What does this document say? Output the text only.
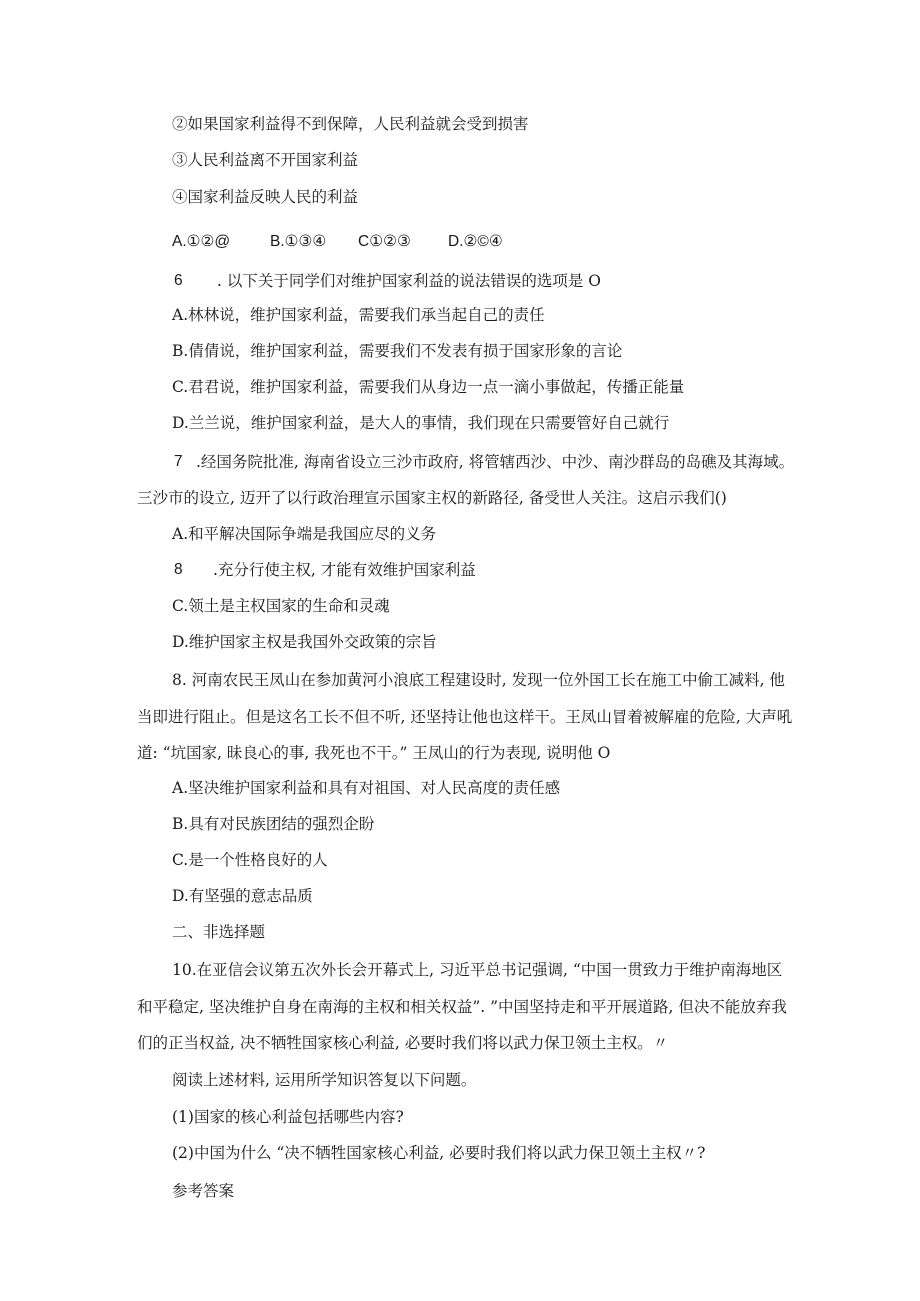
②如果国家利益得不到保障，人民利益就会受到损害

③人民利益离不开国家利益

④国家利益反映人民的利益

A.①②@	B.①③④ C①②③ D.②©④
6 . 以下关于同学们对维护国家利益的说法错误的选项是 O

A.林林说，维护国家利益，需要我们承当起自己的责任

B.倩倩说，维护国家利益，需要我们不发表有损于国家形象的言论

C.君君说，维护国家利益，需要我们从身边一点一滴小事做起，传播正能量

D.兰兰说，维护国家利益，是大人的事情，我们现在只需要管好自己就行

7 .经国务院批准, 海南省设立三沙市政府, 将管辖西沙、中沙、南沙群岛的岛礁及其海域。

三沙市的设立, 迈开了以行政治理宣示国家主权的新路径, 备受世人关注。这启示我们()

A.和平解决国际争端是我国应尽的义务

8 .充分行使主权, 才能有效维护国家利益

C.领土是主权国家的生命和灵魂

D.维护国家主权是我国外交政策的宗旨

8. 河南农民王凤山在参加黄河小浪底工程建设时, 发现一位外国工长在施工中偷工减料, 他

当即进行阻止。但是这名工长不但不听, 还坚持让他也这样干。王凤山冒着被解雇的危险, 大声吼

道: “坑国家, 昧良心的事, 我死也不干。” 王凤山的行为表现, 说明他 O

A.坚决维护国家利益和具有对祖国、对人民高度的责任感

B.具有对民族团结的强烈企盼

C.是一个性格良好的人

D.有坚强的意志品质

二、非选择题

10.在亚信会议第五次外长会开幕式上, 习近平总书记强调, “中国一贯致力于维护南海地区

和平稳定, 坚决维护自身在南海的主权和相关权益”. ”中国坚持走和平开展道路, 但决不能放弃我

们的正当权益, 决不牺牲国家核心利益, 必要时我们将以武力保卫领土主权。〃

阅读上述材料, 运用所学知识答复以下问题。

(1)国家的核心利益包括哪些内容?

(2)中国为什么 “决不牺牲国家核心利益, 必要时我们将以武力保卫领土主权〃?

参考答案
